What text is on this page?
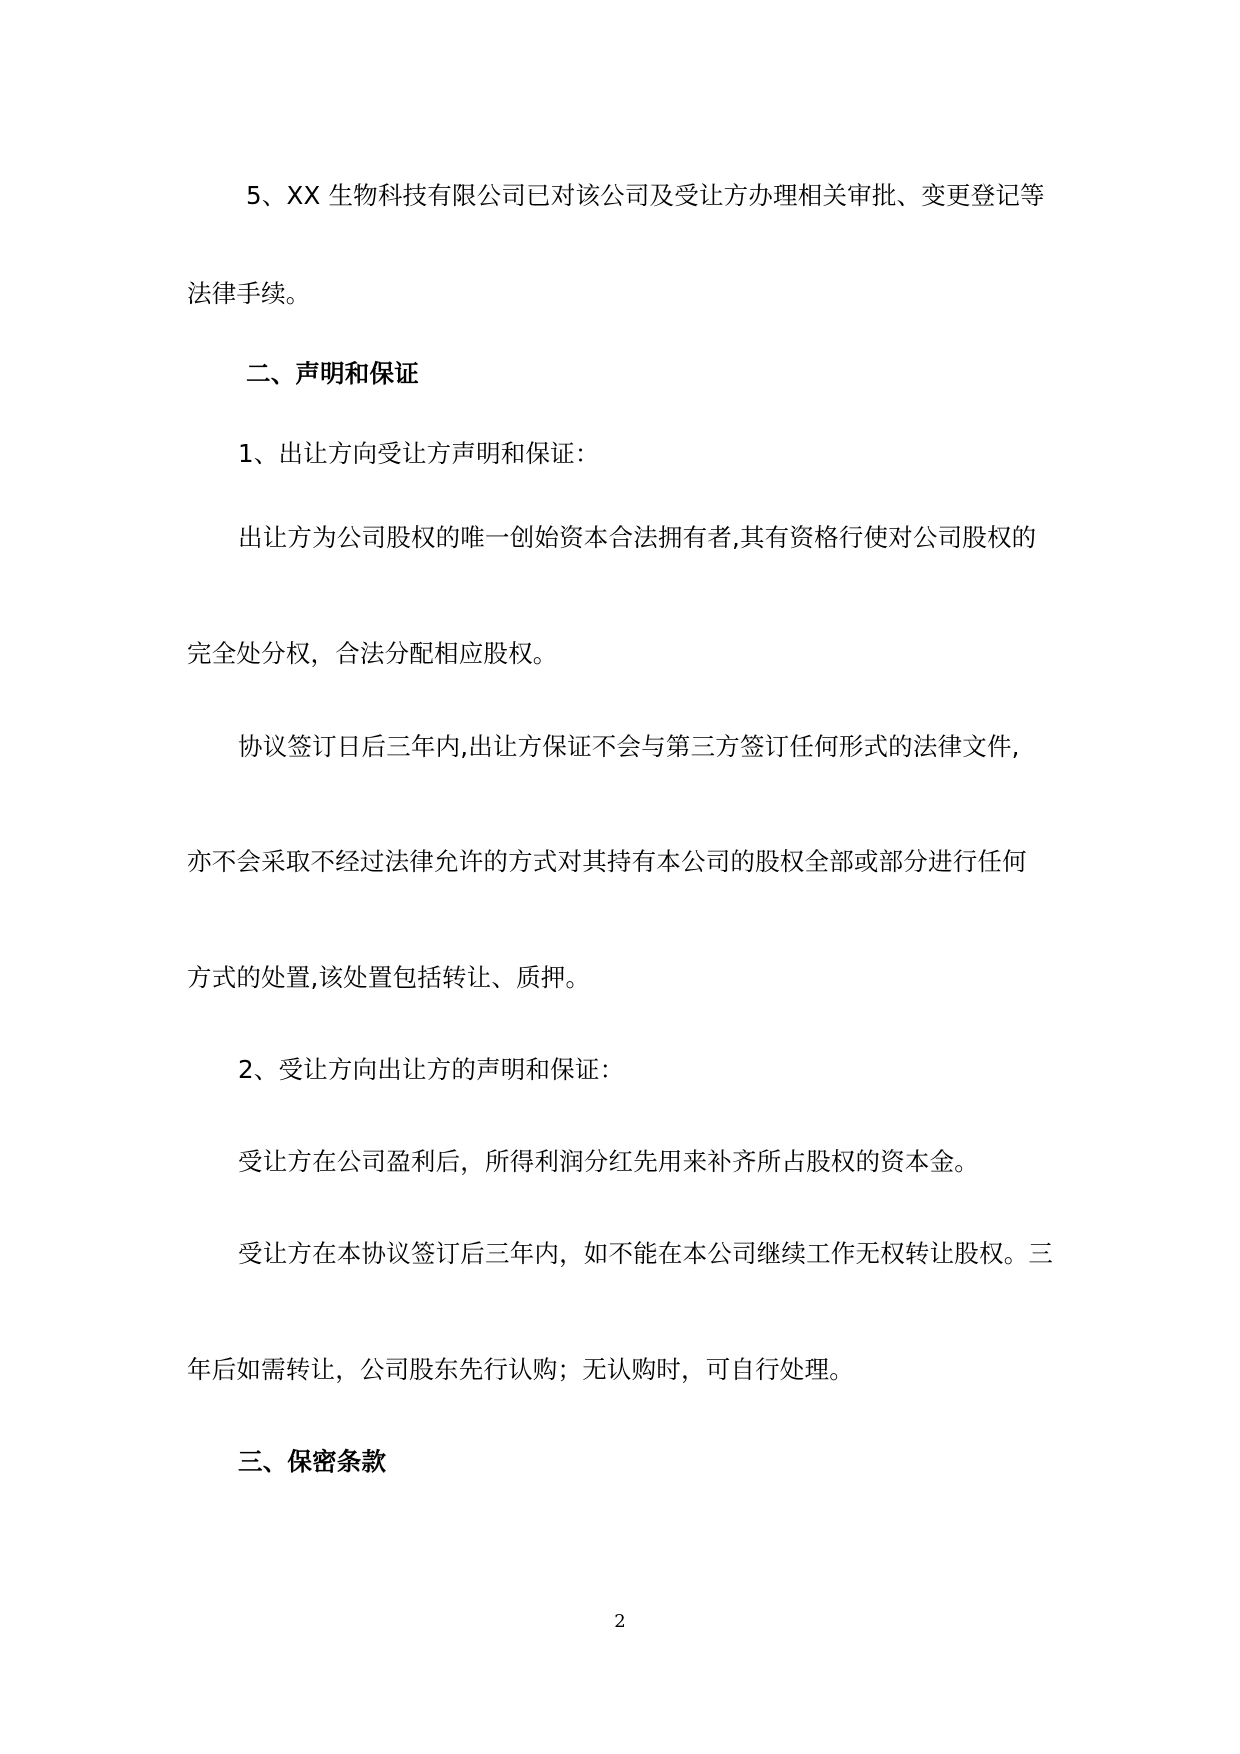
5、XX 生物科技有限公司已对该公司及受让方办理相关审批、变更登记等
法律手续。
二、声明和保证
1、出让方向受让方声明和保证：
出让方为公司股权的唯一创始资本合法拥有者,其有资格行使对公司股权的
完全处分权，合法分配相应股权。
协议签订日后三年内,出让方保证不会与第三方签订任何形式的法律文件,
亦不会采取不经过法律允许的方式对其持有本公司的股权全部或部分进行任何
方式的处置,该处置包括转让、质押。
2、受让方向出让方的声明和保证：
受让方在公司盈利后，所得利润分红先用来补齐所占股权的资本金。
受让方在本协议签订后三年内，如不能在本公司继续工作无权转让股权。三
年后如需转让，公司股东先行认购；无认购时，可自行处理。
三、保密条款
2
